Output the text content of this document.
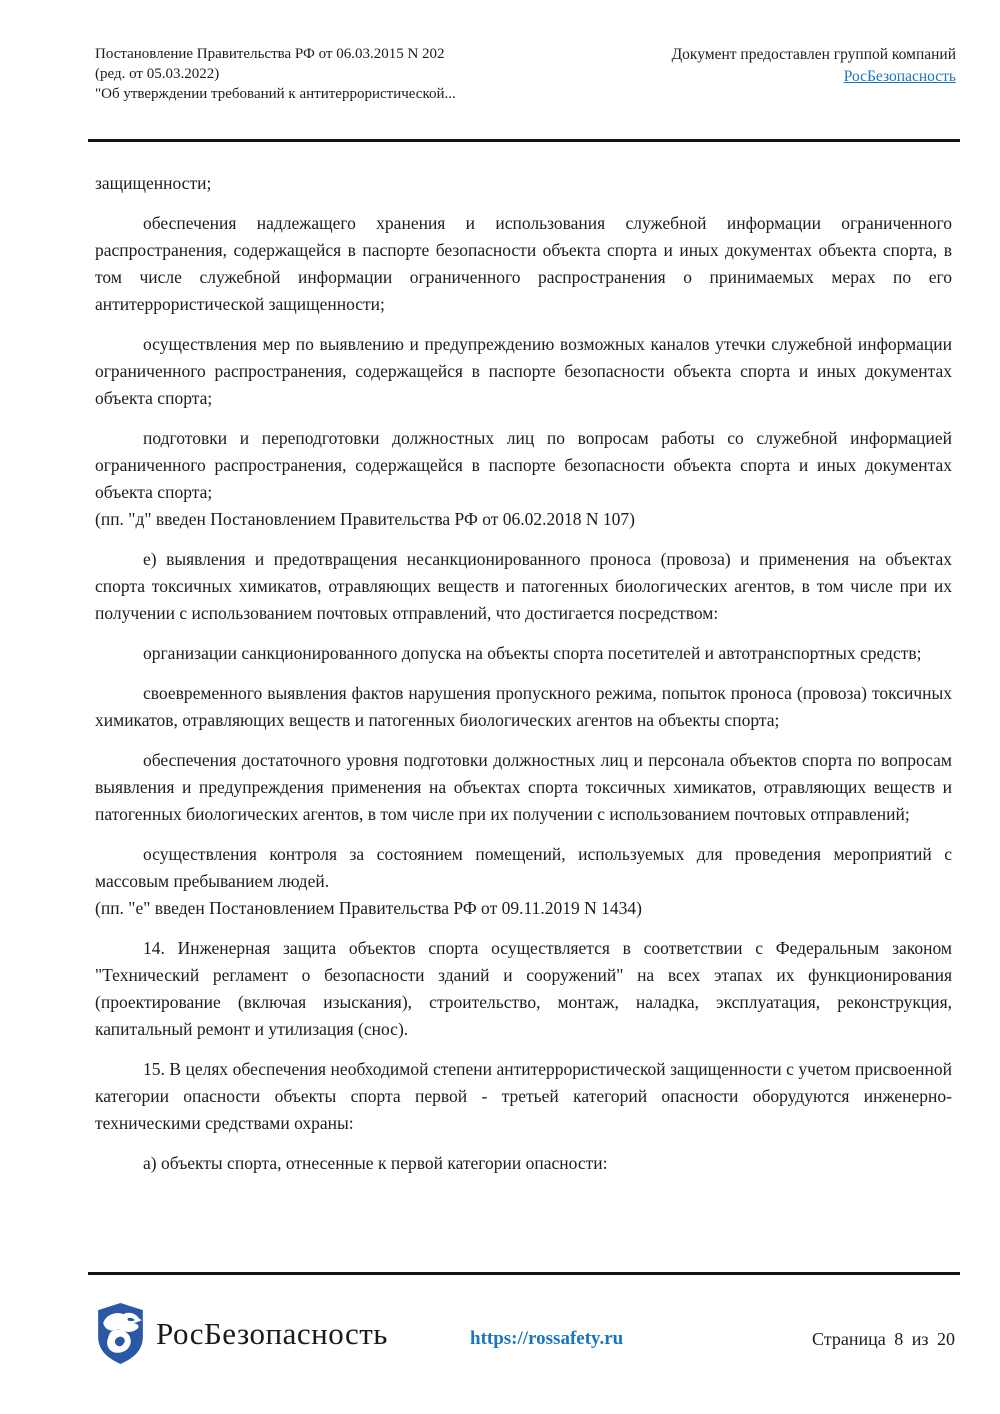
Постановление Правительства РФ от 06.03.2015 N 202
(ред. от 05.03.2022)
"Об утверждении требований к антитеррористической...
Документ предоставлен группой компаний
РосБезопасность

защищенности;

обеспечения надлежащего хранения и использования служебной информации ограниченного распространения, содержащейся в паспорте безопасности объекта спорта и иных документах объекта спорта, в том числе служебной информации ограниченного распространения о принимаемых мерах по его антитеррористической защищенности;

осуществления мер по выявлению и предупреждению возможных каналов утечки служебной информации ограниченного распространения, содержащейся в паспорте безопасности объекта спорта и иных документах объекта спорта;

подготовки и переподготовки должностных лиц по вопросам работы со служебной информацией ограниченного распространения, содержащейся в паспорте безопасности объекта спорта и иных документах объекта спорта;

(пп. "д" введен Постановлением Правительства РФ от 06.02.2018 N 107)

е) выявления и предотвращения несанкционированного проноса (провоза) и применения на объектах спорта токсичных химикатов, отравляющих веществ и патогенных биологических агентов, в том числе при их получении с использованием почтовых отправлений, что достигается посредством:

организации санкционированного допуска на объекты спорта посетителей и автотранспортных средств;

своевременного выявления фактов нарушения пропускного режима, попыток проноса (провоза) токсичных химикатов, отравляющих веществ и патогенных биологических агентов на объекты спорта;

обеспечения достаточного уровня подготовки должностных лиц и персонала объектов спорта по вопросам выявления и предупреждения применения на объектах спорта токсичных химикатов, отравляющих веществ и патогенных биологических агентов, в том числе при их получении с использованием почтовых отправлений;

осуществления контроля за состоянием помещений, используемых для проведения мероприятий с массовым пребыванием людей.

(пп. "е" введен Постановлением Правительства РФ от 09.11.2019 N 1434)

14. Инженерная защита объектов спорта осуществляется в соответствии с Федеральным законом "Технический регламент о безопасности зданий и сооружений" на всех этапах их функционирования (проектирование (включая изыскания), строительство, монтаж, наладка, эксплуатация, реконструкция, капитальный ремонт и утилизация (снос).

15. В целях обеспечения необходимой степени антитеррористической защищенности с учетом присвоенной категории опасности объекты спорта первой - третьей категорий опасности оборудуются инженерно-техническими средствами охраны:

а) объекты спорта, отнесенные к первой категории опасности:

РосБезопасность	https://rossafety.ru	Страница 8 из 20
